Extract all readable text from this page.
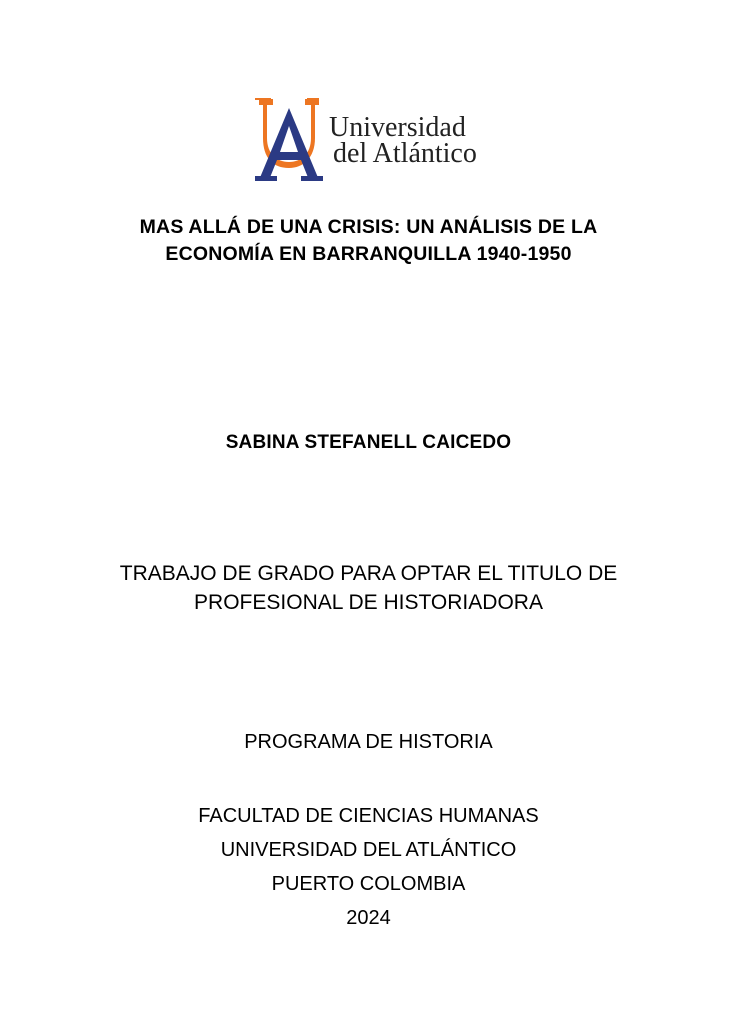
Universidad
del Atlántico
MAS ALLÁ DE UNA CRISIS: UN ANÁLISIS DE LA
ECONOMÍA EN BARRANQUILLA 1940-1950
SABINA STEFANELL CAICEDO
TRABAJO DE GRADO PARA OPTAR EL TITULO DE
PROFESIONAL DE HISTORIADORA
PROGRAMA DE HISTORIA
FACULTAD DE CIENCIAS HUMANAS
UNIVERSIDAD DEL ATLÁNTICO
PUERTO COLOMBIA
2024
